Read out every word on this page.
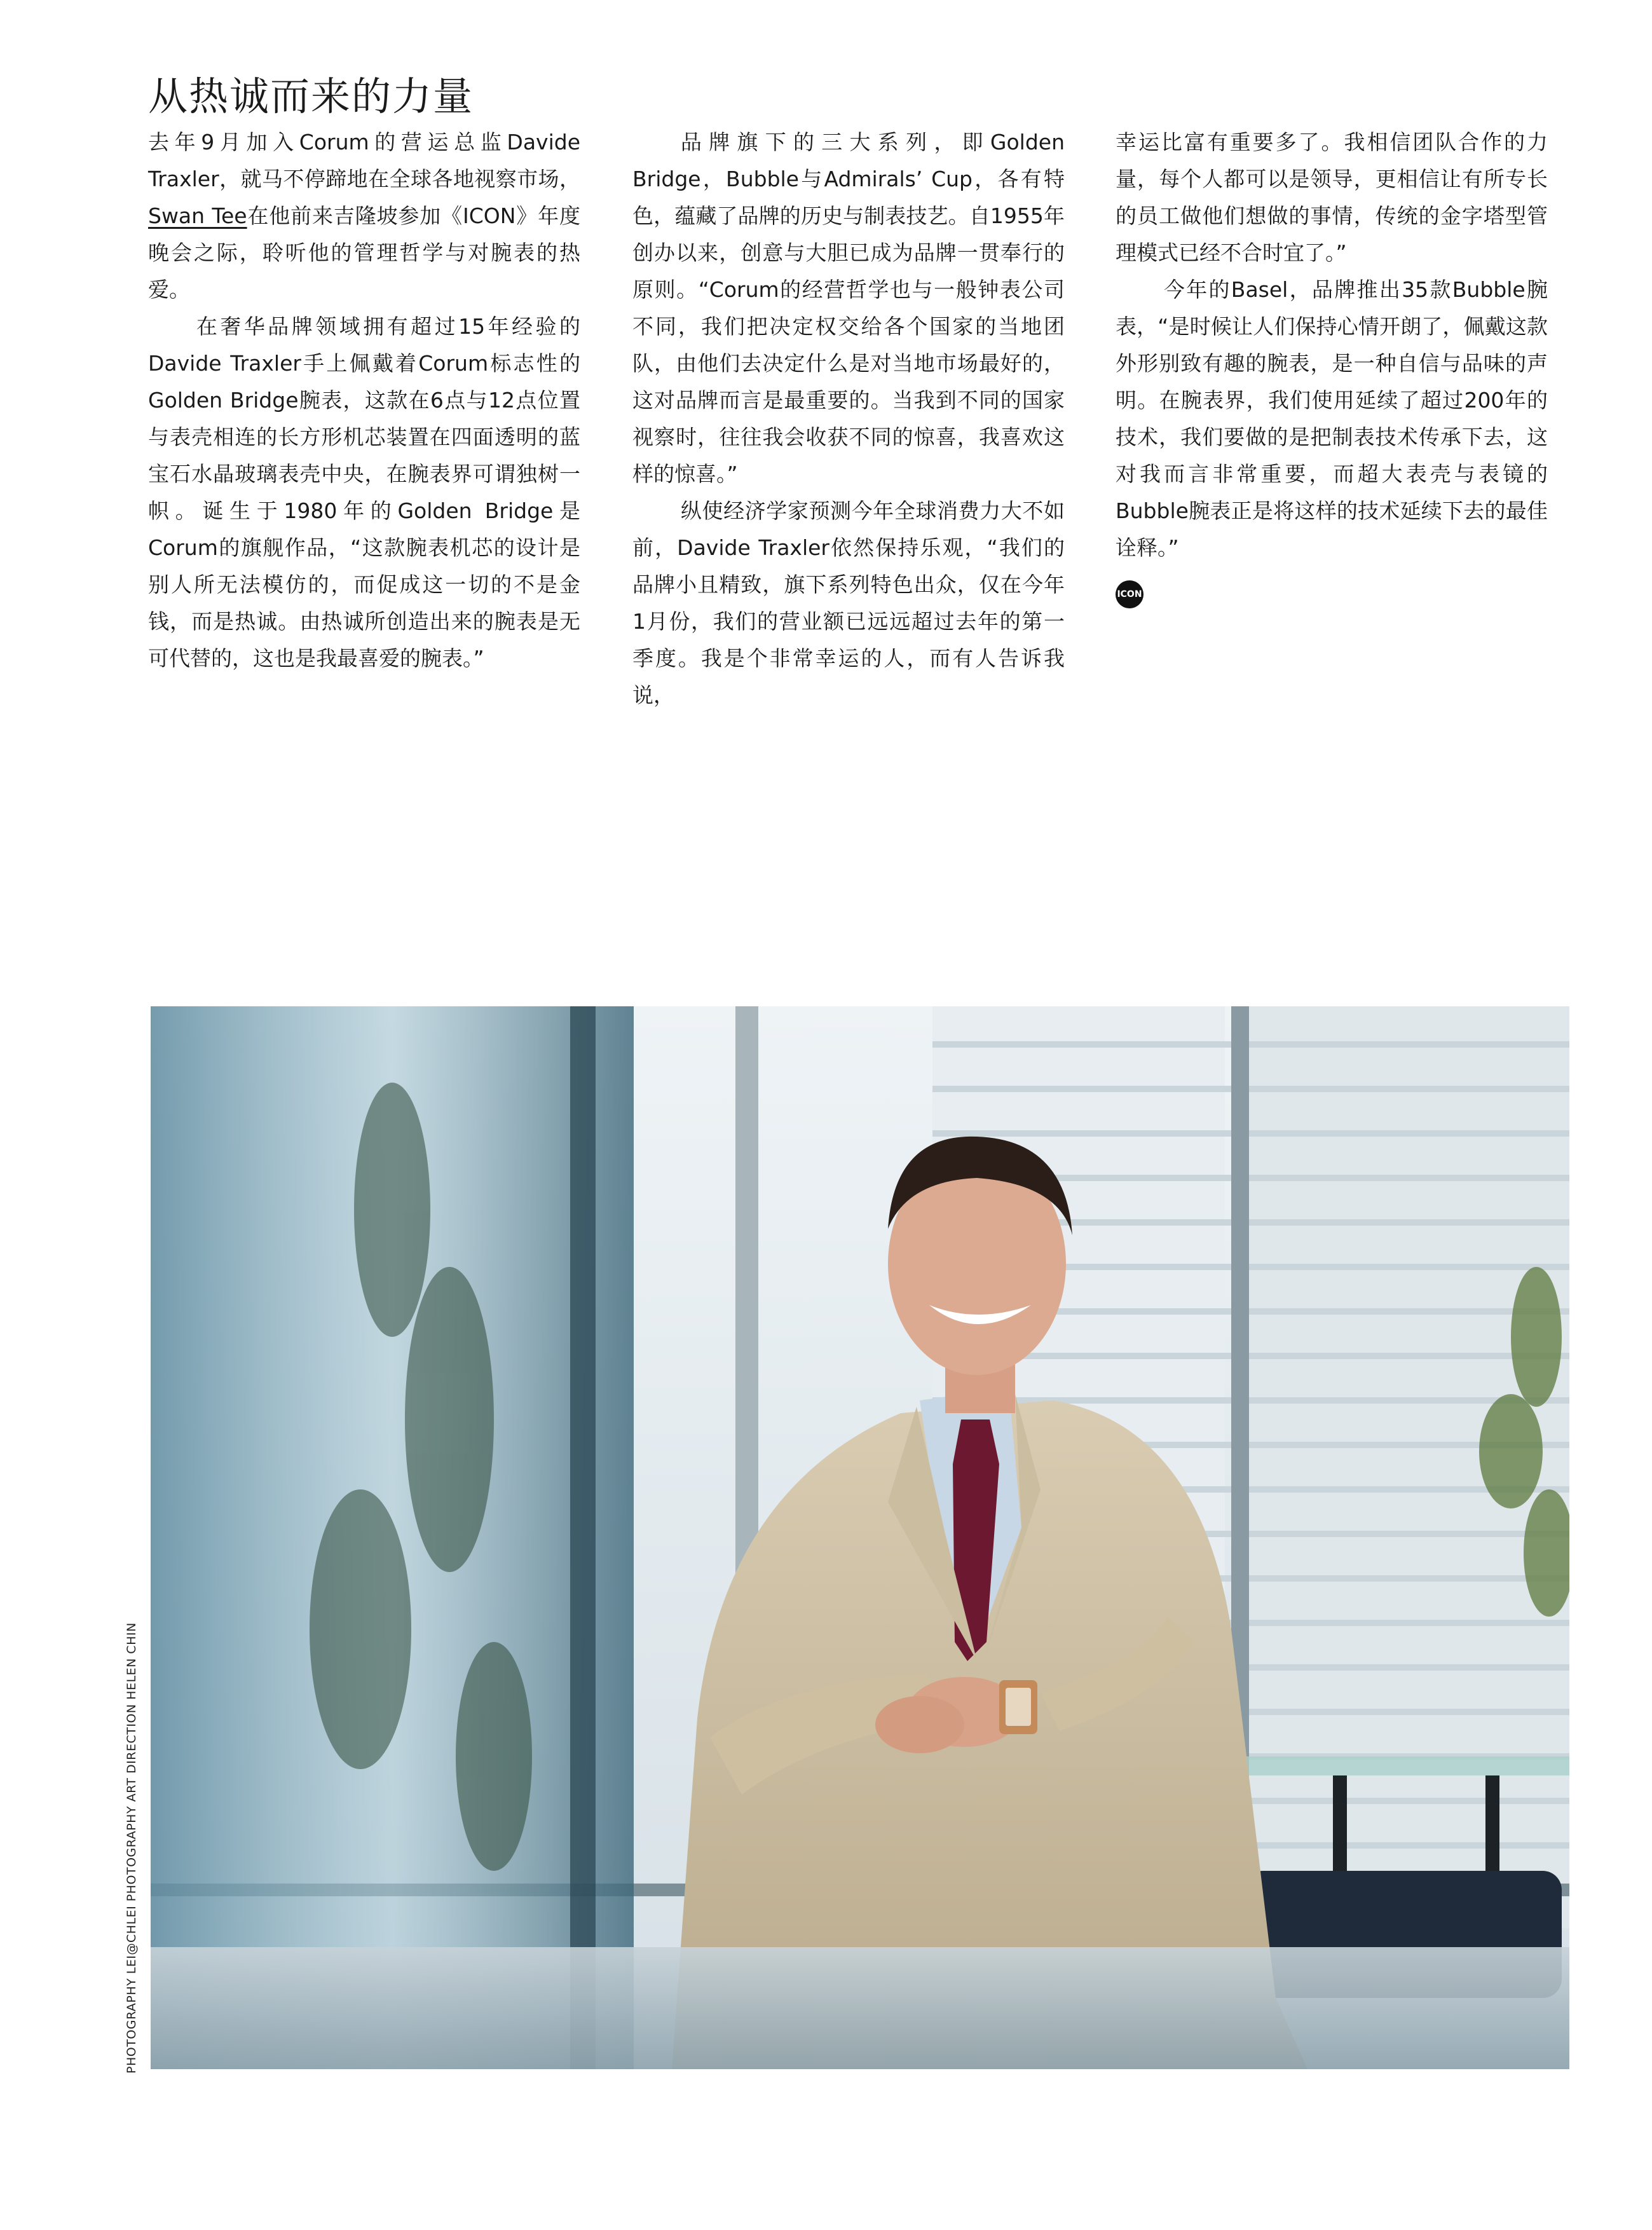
从热诚而来的力量

去年9月加入Corum的营运总监Davide Traxler，就马不停蹄地在全球各地视察市场，Swan Tee在他前来吉隆坡参加《ICON》年度晚会之际，聆听他的管理哲学与对腕表的热爱。

在奢华品牌领域拥有超过15年经验的Davide Traxler手上佩戴着Corum标志性的Golden Bridge腕表，这款在6点与12点位置与表壳相连的长方形机芯装置在四面透明的蓝宝石水晶玻璃表壳中央，在腕表界可谓独树一帜。诞生于1980年的Golden Bridge是Corum的旗舰作品，“这款腕表机芯的设计是别人所无法模仿的，而促成这一切的不是金钱，而是热诚。由热诚所创造出来的腕表是无可代替的，这也是我最喜爱的腕表。”

品牌旗下的三大系列，即Golden Bridge，Bubble与Admirals’ Cup，各有特色，蕴藏了品牌的历史与制表技艺。自1955年创办以来，创意与大胆已成为品牌一贯奉行的原则。“Corum的经营哲学也与一般钟表公司不同，我们把决定权交给各个国家的当地团队，由他们去决定什么是对当地市场最好的，这对品牌而言是最重要的。当我到不同的国家视察时，往往我会收获不同的惊喜，我喜欢这样的惊喜。”

纵使经济学家预测今年全球消费力大不如前，Davide Traxler依然保持乐观，“我们的品牌小且精致，旗下系列特色出众，仅在今年1月份，我们的营业额已远远超过去年的第一季度。我是个非常幸运的人，而有人告诉我说，

幸运比富有重要多了。我相信团队合作的力量，每个人都可以是领导，更相信让有所专长的员工做他们想做的事情，传统的金字塔型管理模式已经不合时宜了。”

今年的Basel，品牌推出35款Bubble腕表，“是时候让人们保持心情开朗了，佩戴这款外形别致有趣的腕表，是一种自信与品味的声明。在腕表界，我们使用延续了超过200年的技术，我们要做的是把制表技术传承下去，这对我而言非常重要，而超大表壳与表镜的Bubble腕表正是将这样的技术延续下去的最佳诠释。”

ICON
PHOTOGRAPHY LEI@CHLEI PHOTOGRAPHY ART DIRECTION HELEN CHIN
